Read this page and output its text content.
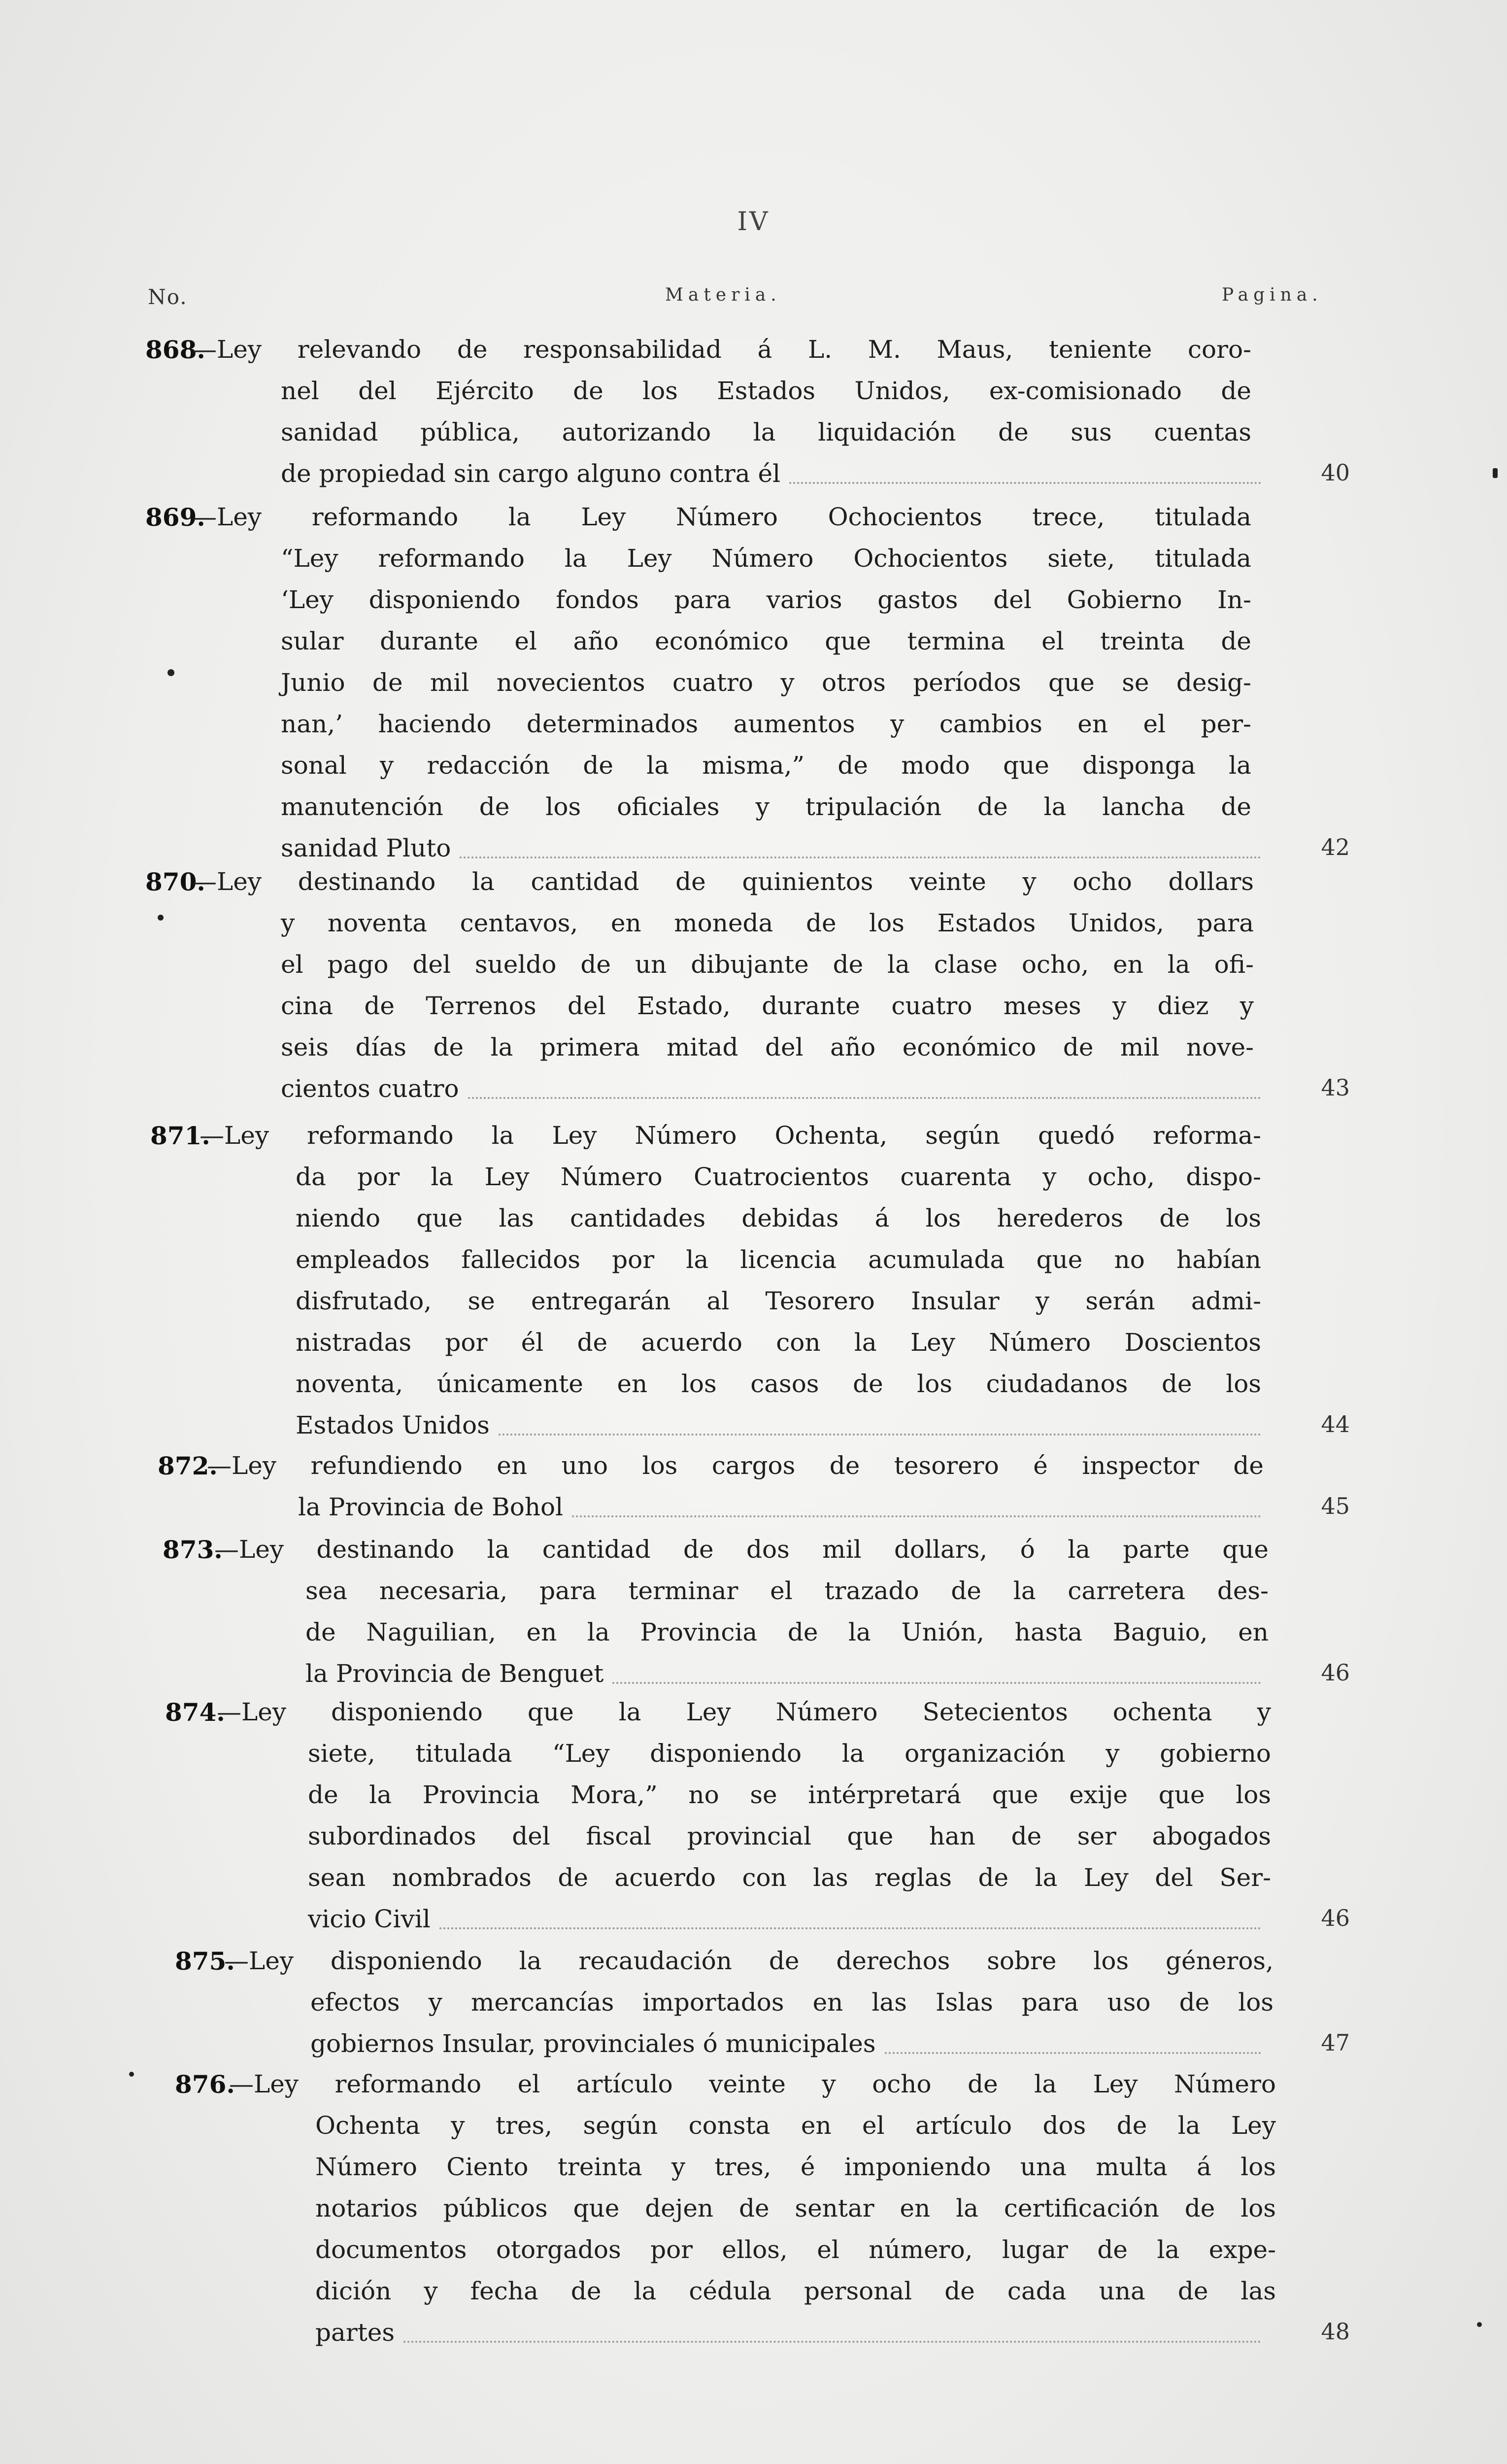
IV
No.	Materia.	Pagina.
868.
—Ley relevando de responsabilidad á L. M. Maus, teniente coro-
nel del Ejército de los Estados Unidos, ex-comisionado de
sanidad pública, autorizando la liquidación de sus cuentas
de propiedad sin cargo alguno contra él	40
869.
—Ley reformando la Ley Número Ochocientos trece, titulada
“Ley reformando la Ley Número Ochocientos siete, titulada
‘Ley disponiendo fondos para varios gastos del Gobierno In-
sular durante el año económico que termina el treinta de
Junio de mil novecientos cuatro y otros períodos que se desig-
nan,’ haciendo determinados aumentos y cambios en el per-
sonal y redacción de la misma,” de modo que disponga la
manutención de los oficiales y tripulación de la lancha de
sanidad Pluto	42
870.
—Ley destinando la cantidad de quinientos veinte y ocho dollars
y noventa centavos, en moneda de los Estados Unidos, para
el pago del sueldo de un dibujante de la clase ocho, en la ofi-
cina de Terrenos del Estado, durante cuatro meses y diez y
seis días de la primera mitad del año económico de mil nove-
cientos cuatro	43
871.
—Ley reformando la Ley Número Ochenta, según quedó reforma-
da por la Ley Número Cuatrocientos cuarenta y ocho, dispo-
niendo que las cantidades debidas á los herederos de los
empleados fallecidos por la licencia acumulada que no habían
disfrutado, se entregarán al Tesorero Insular y serán admi-
nistradas por él de acuerdo con la Ley Número Doscientos
noventa, únicamente en los casos de los ciudadanos de los
Estados Unidos	44
872.
—Ley refundiendo en uno los cargos de tesorero é inspector de
la Provincia de Bohol	45
873.
—Ley destinando la cantidad de dos mil dollars, ó la parte que
sea necesaria, para terminar el trazado de la carretera des-
de Naguilian, en la Provincia de la Unión, hasta Baguio, en
la Provincia de Benguet	46
874.
—Ley disponiendo que la Ley Número Setecientos ochenta y
siete, titulada “Ley disponiendo la organización y gobierno
de la Provincia Mora,” no se intérpretará que exije que los
subordinados del fiscal provincial que han de ser abogados
sean nombrados de acuerdo con las reglas de la Ley del Ser-
vicio Civil	46
875.
—Ley disponiendo la recaudación de derechos sobre los géneros,
efectos y mercancías importados en las Islas para uso de los
gobiernos Insular, provinciales ó municipales	47
876.
—Ley reformando el artículo veinte y ocho de la Ley Número
Ochenta y tres, según consta en el artículo dos de la Ley
Número Ciento treinta y tres, é imponiendo una multa á los
notarios públicos que dejen de sentar en la certificación de los
documentos otorgados por ellos, el número, lugar de la expe-
dición y fecha de la cédula personal de cada una de las
partes	48
